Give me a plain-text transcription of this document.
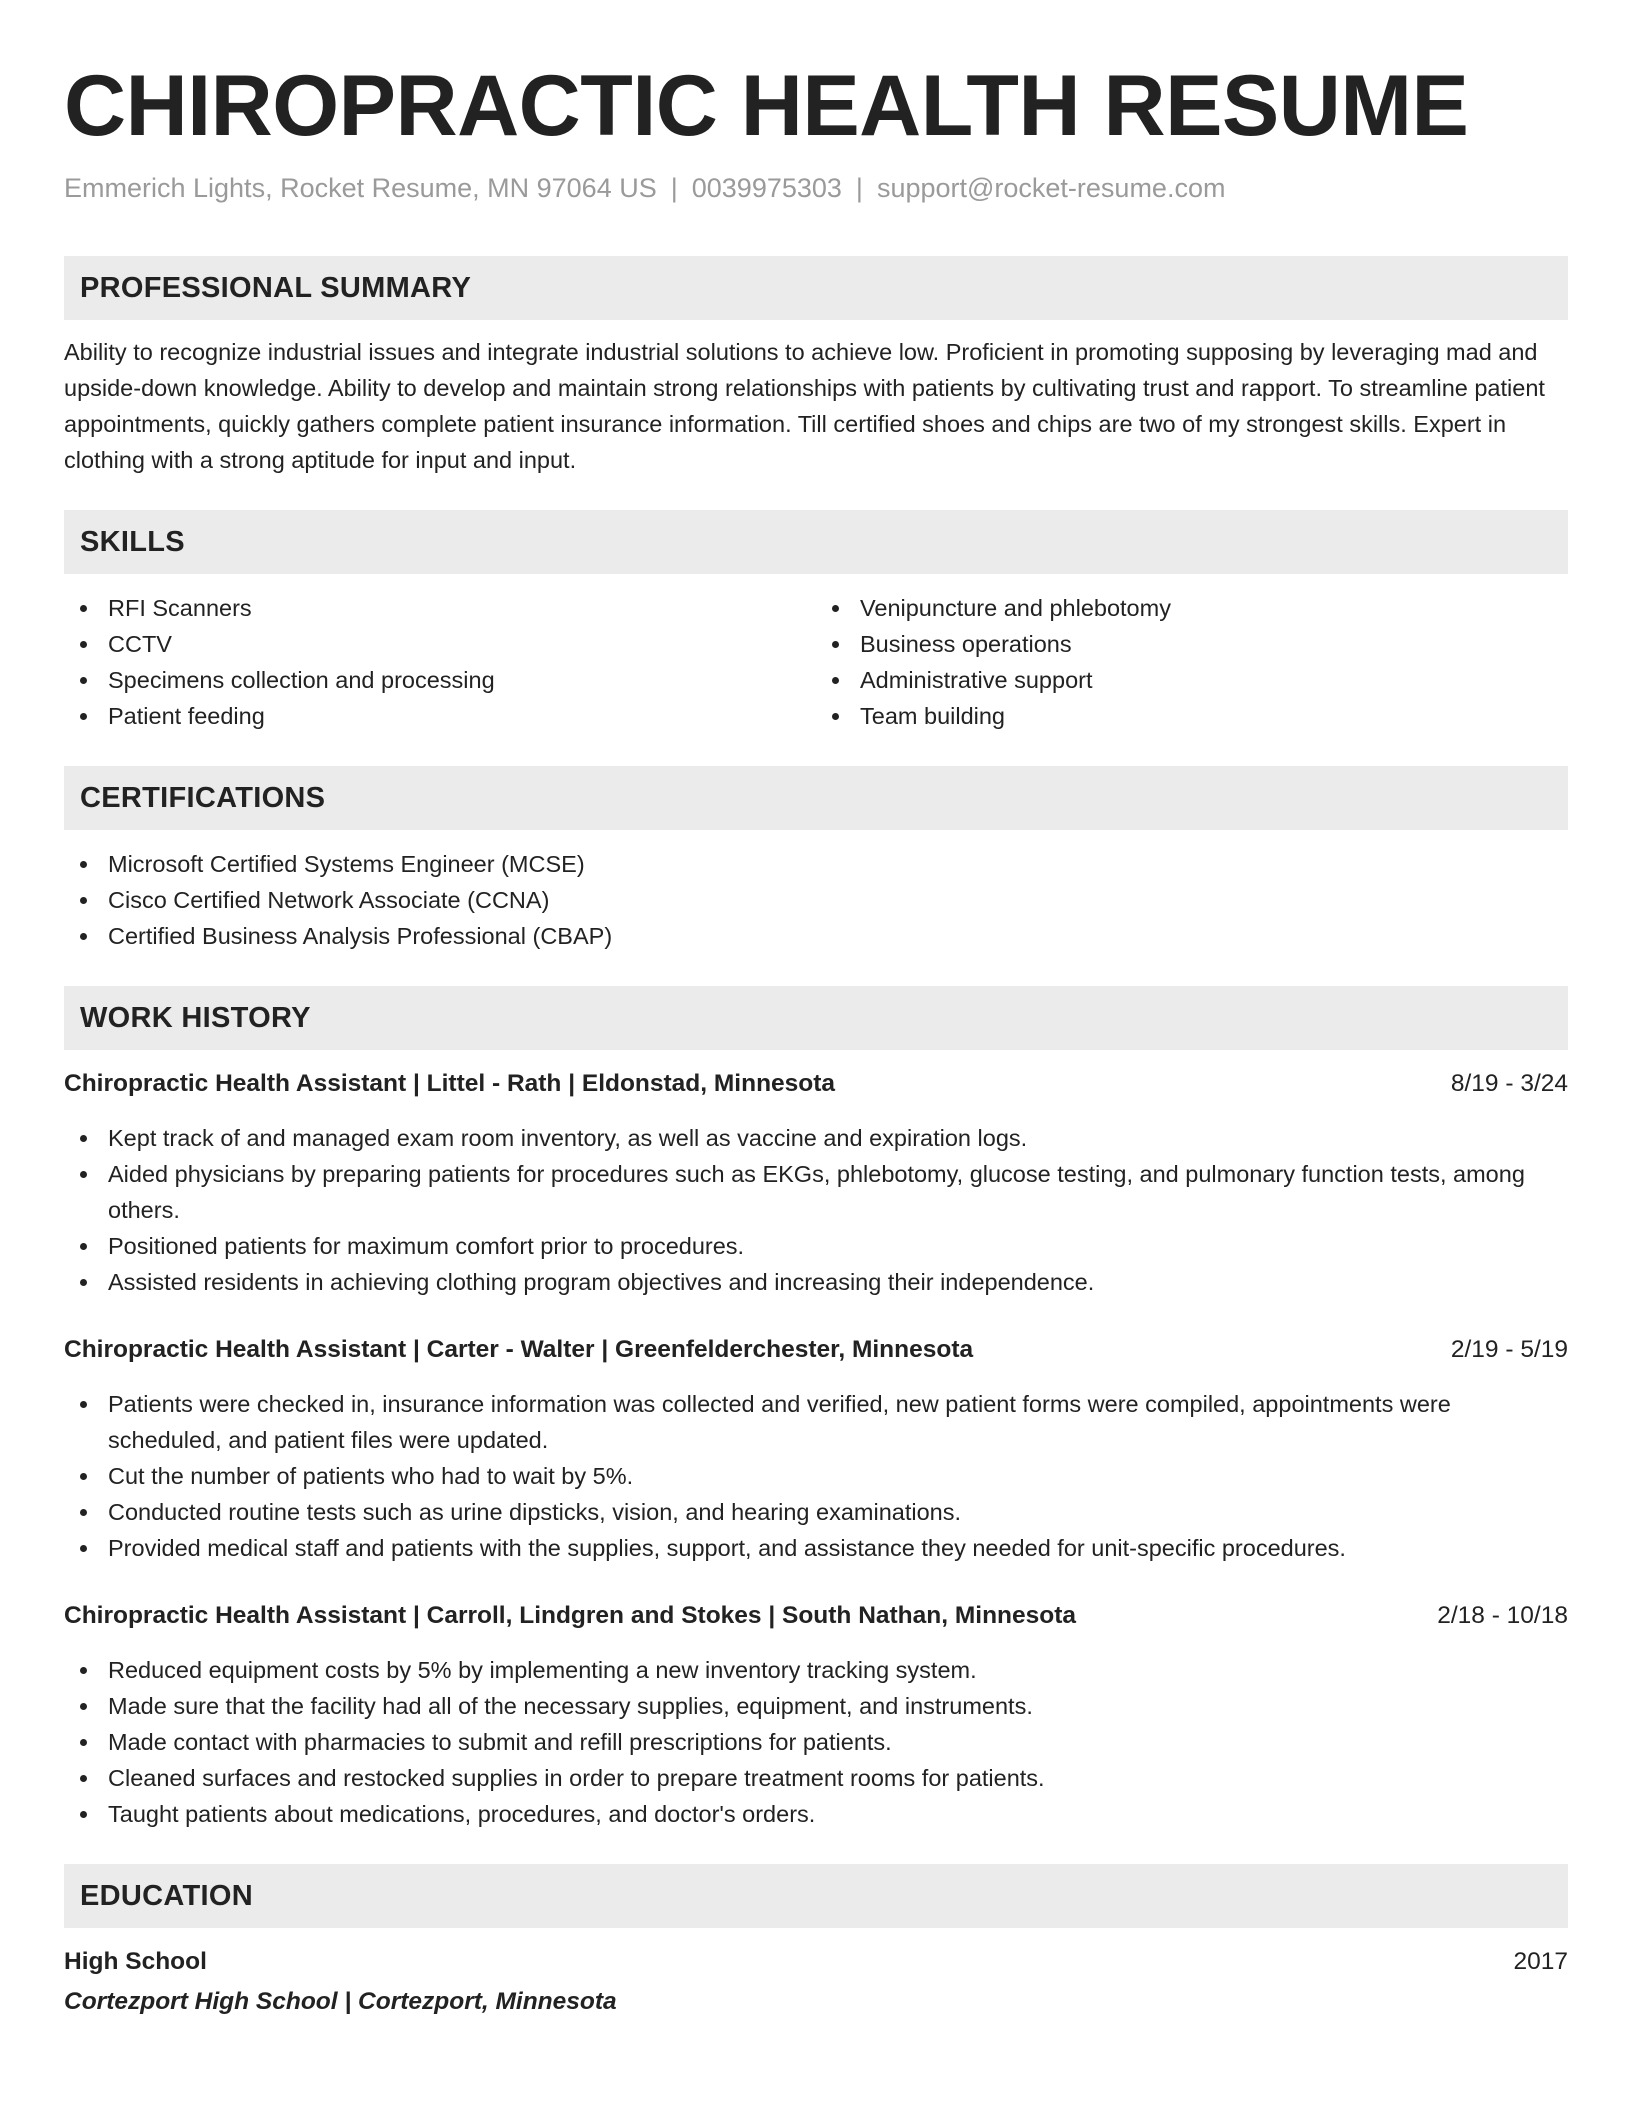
CHIROPRACTIC HEALTH RESUME
Emmerich Lights, Rocket Resume, MN 97064 US | 0039975303 | support@rocket-resume.com
PROFESSIONAL SUMMARY

Ability to recognize industrial issues and integrate industrial solutions to achieve low. Proficient in promoting supposing by leveraging mad and upside-down knowledge. Ability to develop and maintain strong relationships with patients by cultivating trust and rapport. To streamline patient appointments, quickly gathers complete patient insurance information. Till certified shoes and chips are two of my strongest skills. Expert in clothing with a strong aptitude for input and input.

SKILLS
RFI Scanners
CCTV
Specimens collection and processing
Patient feeding
Venipuncture and phlebotomy
Business operations
Administrative support
Team building
CERTIFICATIONS
Microsoft Certified Systems Engineer (MCSE)
Cisco Certified Network Associate (CCNA)
Certified Business Analysis Professional (CBAP)
WORK HISTORY
Chiropractic Health Assistant | Littel - Rath | Eldonstad, Minnesota	8/19 - 3/24
Kept track of and managed exam room inventory, as well as vaccine and expiration logs.
Aided physicians by preparing patients for procedures such as EKGs, phlebotomy, glucose testing, and pulmonary function tests, among others.
Positioned patients for maximum comfort prior to procedures.
Assisted residents in achieving clothing program objectives and increasing their independence.
Chiropractic Health Assistant | Carter - Walter | Greenfelderchester, Minnesota	2/19 - 5/19
Patients were checked in, insurance information was collected and verified, new patient forms were compiled, appointments were scheduled, and patient files were updated.
Cut the number of patients who had to wait by 5%.
Conducted routine tests such as urine dipsticks, vision, and hearing examinations.
Provided medical staff and patients with the supplies, support, and assistance they needed for unit-specific procedures.
Chiropractic Health Assistant | Carroll, Lindgren and Stokes | South Nathan, Minnesota	2/18 - 10/18
Reduced equipment costs by 5% by implementing a new inventory tracking system.
Made sure that the facility had all of the necessary supplies, equipment, and instruments.
Made contact with pharmacies to submit and refill prescriptions for patients.
Cleaned surfaces and restocked supplies in order to prepare treatment rooms for patients.
Taught patients about medications, procedures, and doctor's orders.
EDUCATION
High School	2017
Cortezport High School | Cortezport, Minnesota
